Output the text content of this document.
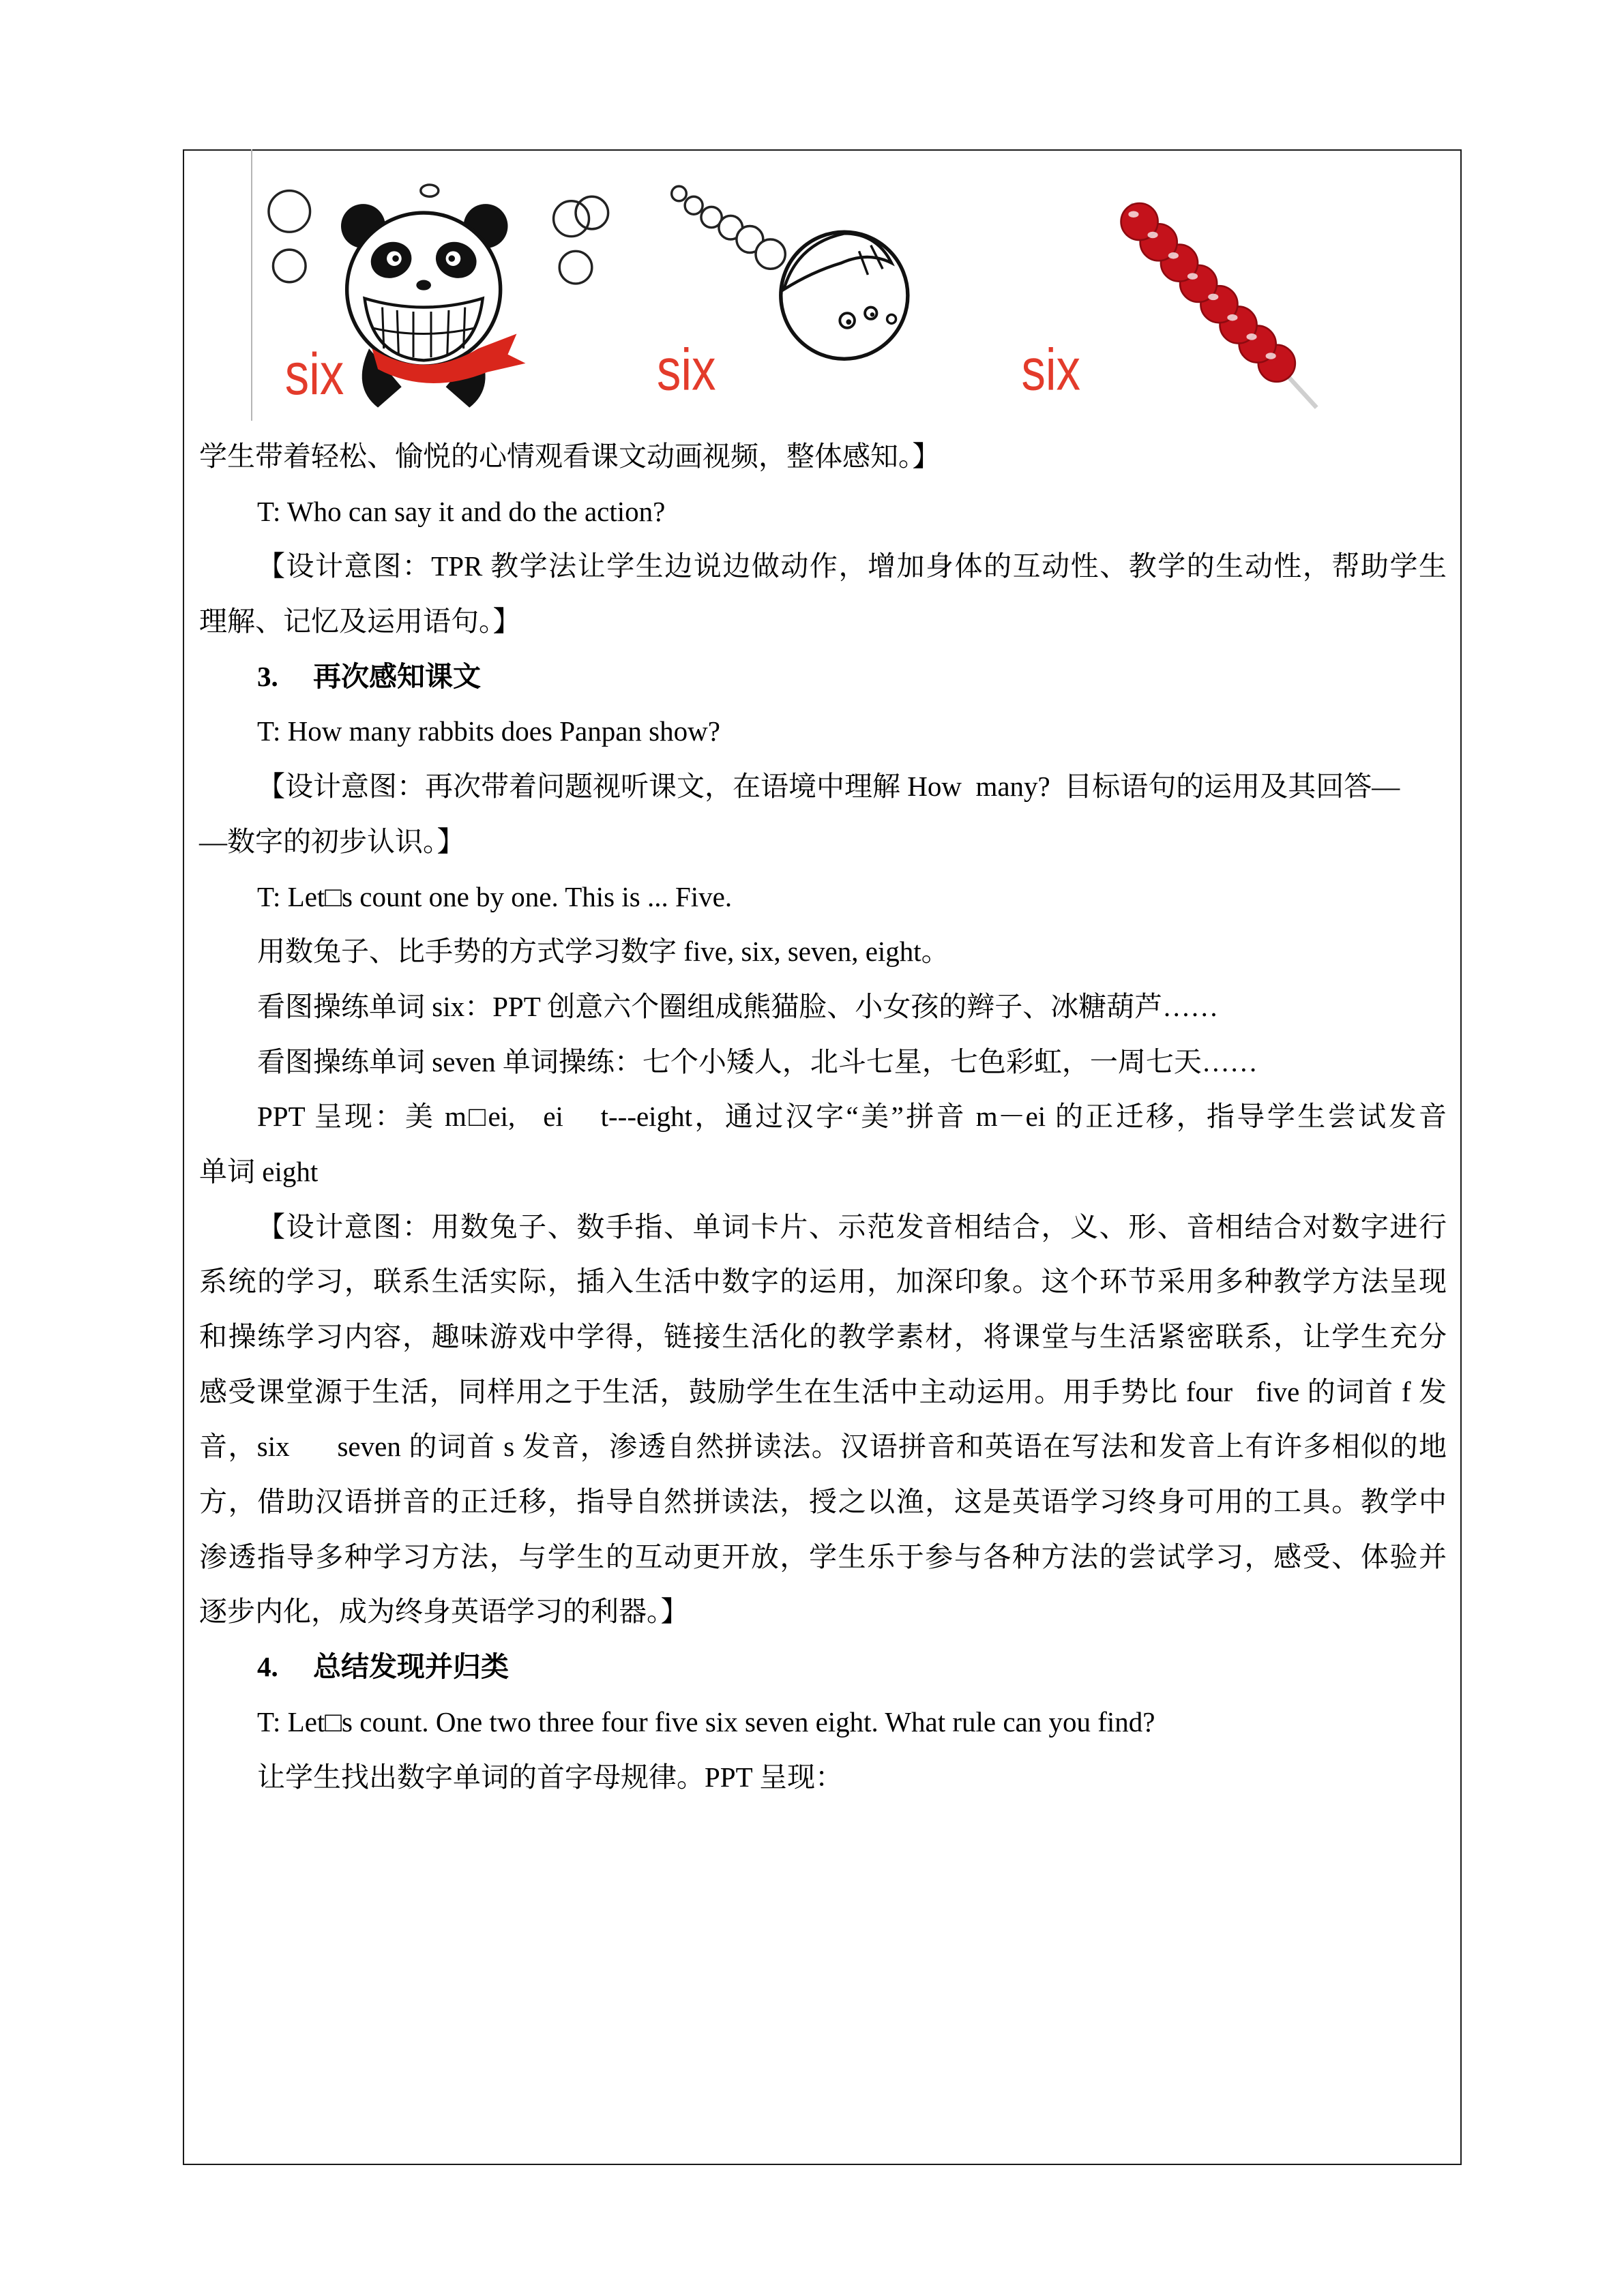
six	six	six
学生带着轻松、愉悦的心情观看课文动画视频，整体感知。】
T: Who can say it and do the action?
【设计意图：TPR 教学法让学生边说边做动作，增加身体的互动性、教学的生动性，帮助学生
理解、记忆及运用语句。】
3. 再次感知课文
T: How many rabbits does Panpan show?
【设计意图：再次带着问题视听课文，在语境中理解 How  many?  目标语句的运用及其回答—
—数字的初步认识。】
T: Let□s count one by one. This is ... Five.
用数兔子、比手势的方式学习数字 five, six, seven, eight。
看图操练单词 six：PPT 创意六个圈组成熊猫脸、小女孩的辫子、冰糖葫芦……
看图操练单词 seven 单词操练：七个小矮人，北斗七星，七色彩虹，一周七天……
PPT 呈现：美 m□ei,   ei    t---eight，通过汉字“美”拼音 m－ei 的正迁移，指导学生尝试发音
单词 eight
【设计意图：用数兔子、数手指、单词卡片、示范发音相结合，义、形、音相结合对数字进行
系统的学习，联系生活实际，插入生活中数字的运用，加深印象。这个环节采用多种教学方法呈现
和操练学习内容，趣味游戏中学得，链接生活化的教学素材，将课堂与生活紧密联系，让学生充分
感受课堂源于生活，同样用之于生活，鼓励学生在生活中主动运用。用手势比 four   five 的词首 f 发
音，six      seven 的词首 s 发音，渗透自然拼读法。汉语拼音和英语在写法和发音上有许多相似的地
方，借助汉语拼音的正迁移，指导自然拼读法，授之以渔，这是英语学习终身可用的工具。教学中
渗透指导多种学习方法，与学生的互动更开放，学生乐于参与各种方法的尝试学习，感受、体验并
逐步内化，成为终身英语学习的利器。】
4. 总结发现并归类
T: Let□s count. One two three four five six seven eight. What rule can you find?
让学生找出数字单词的首字母规律。PPT 呈现：
